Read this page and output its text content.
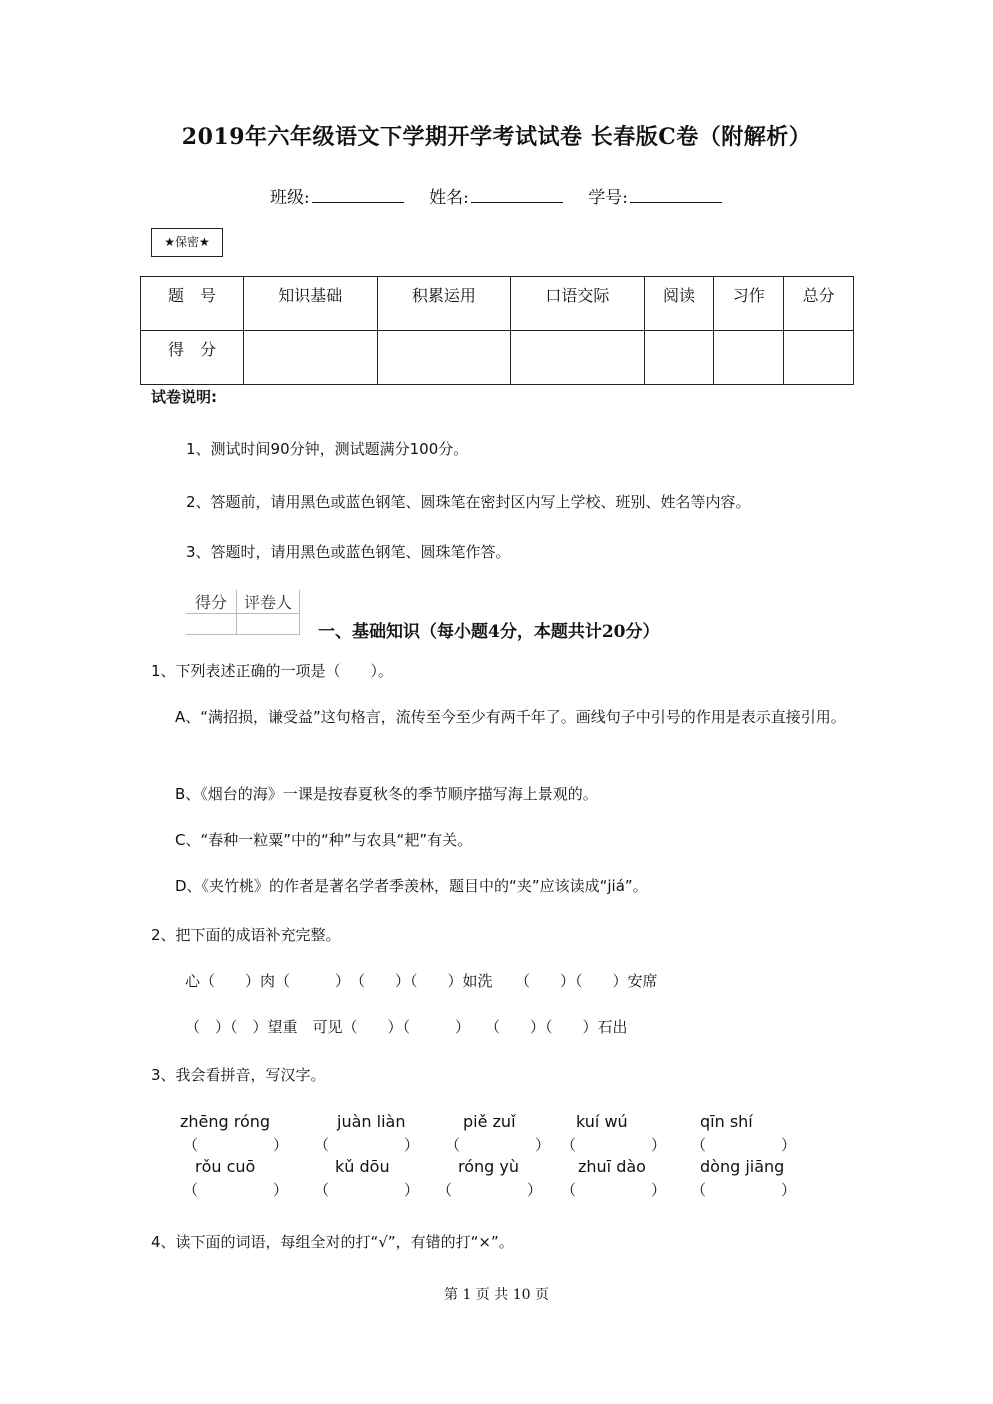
2019年六年级语文下学期开学考试试卷 长春版C卷（附解析）
班级:	姓名:	学号:
★保密★
题　号	知识基础	积累运用	口语交际	阅读	习作	总分
得　分						
试卷说明:
1、测试时间90分钟，测试题满分100分。
2、答题前，请用黑色或蓝色钢笔、圆珠笔在密封区内写上学校、班别、姓名等内容。
3、答题时，请用黑色或蓝色钢笔、圆珠笔作答。
得分	评卷人

一、基础知识（每小题4分，本题共计20分）
1、下列表述正确的一项是（　　）。
A、“满招损，谦受益”这句格言，流传至今至少有两千年了。画线句子中引号的作用是表示直接引用。
B、《烟台的海》一课是按春夏秋冬的季节顺序描写海上景观的。
C、“春种一粒粟”中的“种”与农具“耙”有关。
D、《夹竹桃》的作者是著名学者季羡林，题目中的“夹”应该读成“jiá”。
2、把下面的成语补充完整。
心（　　）肉（　　　）　（　　）（　　）如洗　　（　　）（　　）安席
（　）（　）望重　可见（　　）（　　　）　　（　　）（　　）石出
3、我会看拼音，写汉字。
zhēng róng	juàn liàn	piě zuǐ	kuí wú	qīn shí
（　　　　　） （　　　　　） （　　　　　） （　　　　　） （　　　　　）
rǒu cuō	kǔ dōu	róng yù	zhuī dào	dòng jiāng
（　　　　　） （　　　　　） （　　　　　） （　　　　　） （　　　　　）
4、读下面的词语，每组全对的打“√”，有错的打“×”。
第 1 页 共 10 页
